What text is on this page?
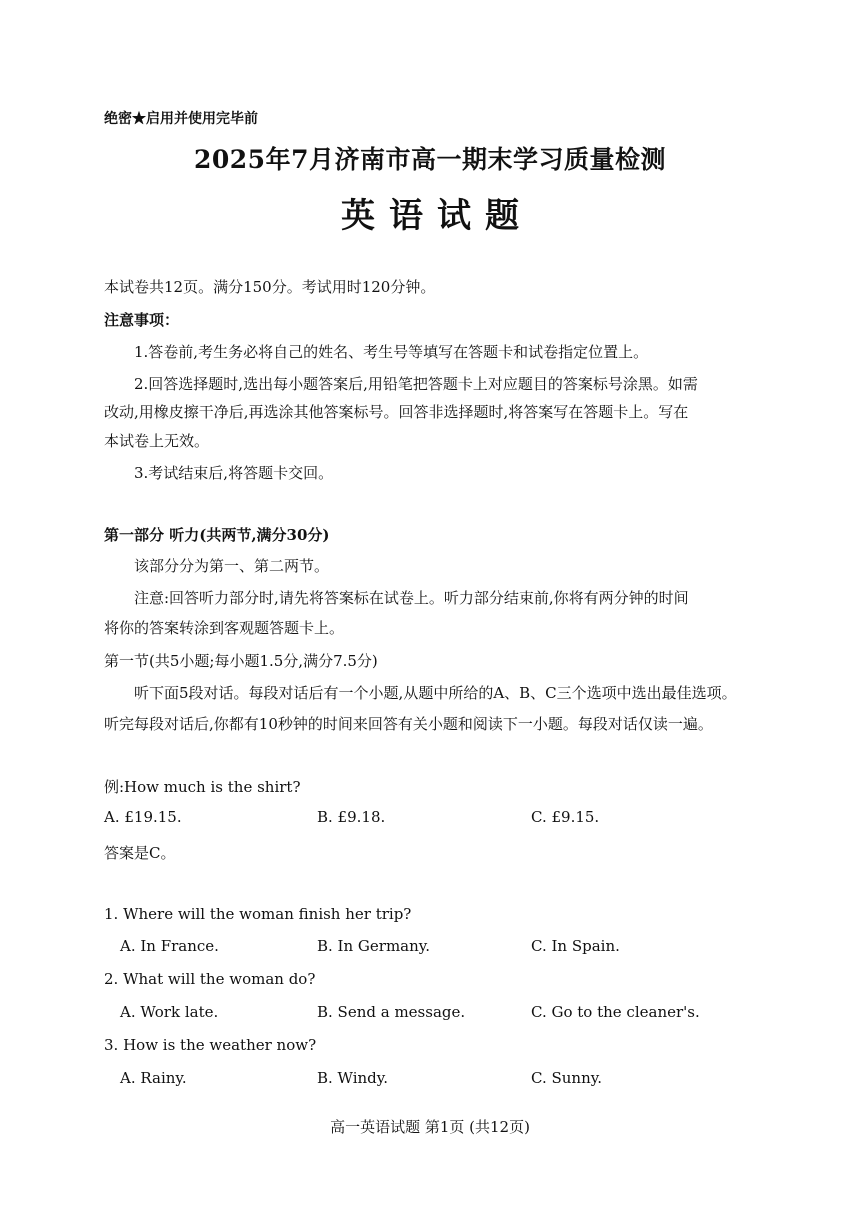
绝密★启用并使用完毕前
2025年7月济南市高一期末学习质量检测
英语试题
本试卷共12页。满分150分。考试用时120分钟。
注意事项：
1.答卷前,考生务必将自己的姓名、考生号等填写在答题卡和试卷指定位置上。
2.回答选择题时,选出每小题答案后,用铅笔把答题卡上对应题目的答案标号涂黑。如需
改动,用橡皮擦干净后,再选涂其他答案标号。回答非选择题时,将答案写在答题卡上。写在
本试卷上无效。
3.考试结束后,将答题卡交回。
第一部分 听力(共两节,满分30分)
该部分分为第一、第二两节。
注意:回答听力部分时,请先将答案标在试卷上。听力部分结束前,你将有两分钟的时间
将你的答案转涂到客观题答题卡上。
第一节(共5小题;每小题1.5分,满分7.5分)
听下面5段对话。每段对话后有一个小题,从题中所给的A、B、C三个选项中选出最佳选项。
听完每段对话后,你都有10秒钟的时间来回答有关小题和阅读下一小题。每段对话仅读一遍。
例:How much is the shirt?
A. £19.15.	B. £9.18.	C. £9.15.
答案是C。
1. Where will the woman finish her trip?
A. In France.	B. In Germany.	C. In Spain.
2. What will the woman do?
A. Work late.	B. Send a message.	C. Go to the cleaner's.
3. How is the weather now?
A. Rainy.	B. Windy.	C. Sunny.
高一英语试题 第1页 (共12页)
